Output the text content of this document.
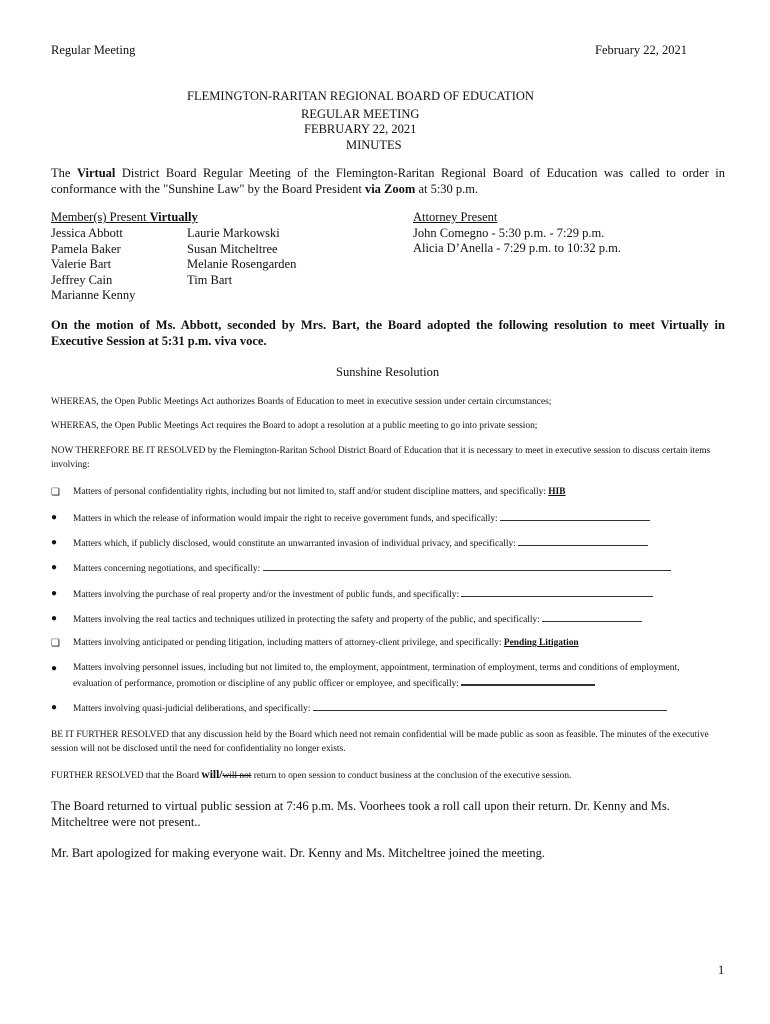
Regular Meeting	February 22, 2021
FLEMINGTON-RARITAN REGIONAL BOARD OF EDUCATION
REGULAR MEETING
FEBRUARY 22, 2021
MINUTES
The Virtual District Board Regular Meeting of the Flemington-Raritan Regional Board of Education was called to order in conformance with the "Sunshine Law" by the Board President via Zoom at 5:30 p.m.
Member(s) Present Virtually
Jessica Abbott
Pamela Baker
Valerie Bart
Jeffrey Cain
Marianne Kenny
Laurie Markowski
Susan Mitcheltree
Melanie Rosengarden
Tim Bart
Attorney Present
John Comegno - 5:30 p.m. - 7:29 p.m.
Alicia D’Anella - 7:29 p.m. to 10:32 p.m.
On the motion of Ms. Abbott, seconded by Mrs. Bart, the Board adopted the following resolution to meet Virtually in Executive Session at 5:31 p.m. viva voce.
Sunshine Resolution
WHEREAS, the Open Public Meetings Act authorizes Boards of Education to meet in executive session under certain circumstances;
WHEREAS, the Open Public Meetings Act requires the Board to adopt a resolution at a public meeting to go into private session;
NOW THEREFORE BE IT RESOLVED by the Flemington-Raritan School District Board of Education that it is necessary to meet in executive session to discuss certain items involving:
❏	Matters of personal confidentiality rights, including but not limited to, staff and/or student discipline matters, and specifically: HIB
●	Matters in which the release of information would impair the right to receive government funds, and specifically:
●	Matters which, if publicly disclosed, would constitute an unwarranted invasion of individual privacy, and specifically:
●	Matters concerning negotiations, and specifically:
●	Matters involving the purchase of real property and/or the investment of public funds, and specifically:
●	Matters involving the real tactics and techniques utilized in protecting the safety and property of the public, and specifically:
❏	Matters involving anticipated or pending litigation, including matters of attorney-client privilege, and specifically: Pending Litigation
●	Matters involving personnel issues, including but not limited to, the employment, appointment, termination of employment, terms and conditions of employment, evaluation of performance, promotion or discipline of any public officer or employee, and specifically:
●	Matters involving quasi-judicial deliberations, and specifically:
BE IT FURTHER RESOLVED that any discussion held by the Board which need not remain confidential will be made public as soon as feasible. The minutes of the executive session will not be disclosed until the need for confidentiality no longer exists.
FURTHER RESOLVED that the Board will/will not return to open session to conduct business at the conclusion of the executive session.
The Board returned to virtual public session at 7:46 p.m. Ms. Voorhees took a roll call upon their return. Dr. Kenny and Ms. Mitcheltree were not present..
Mr. Bart apologized for making everyone wait. Dr. Kenny and Ms. Mitcheltree joined the meeting.
1
